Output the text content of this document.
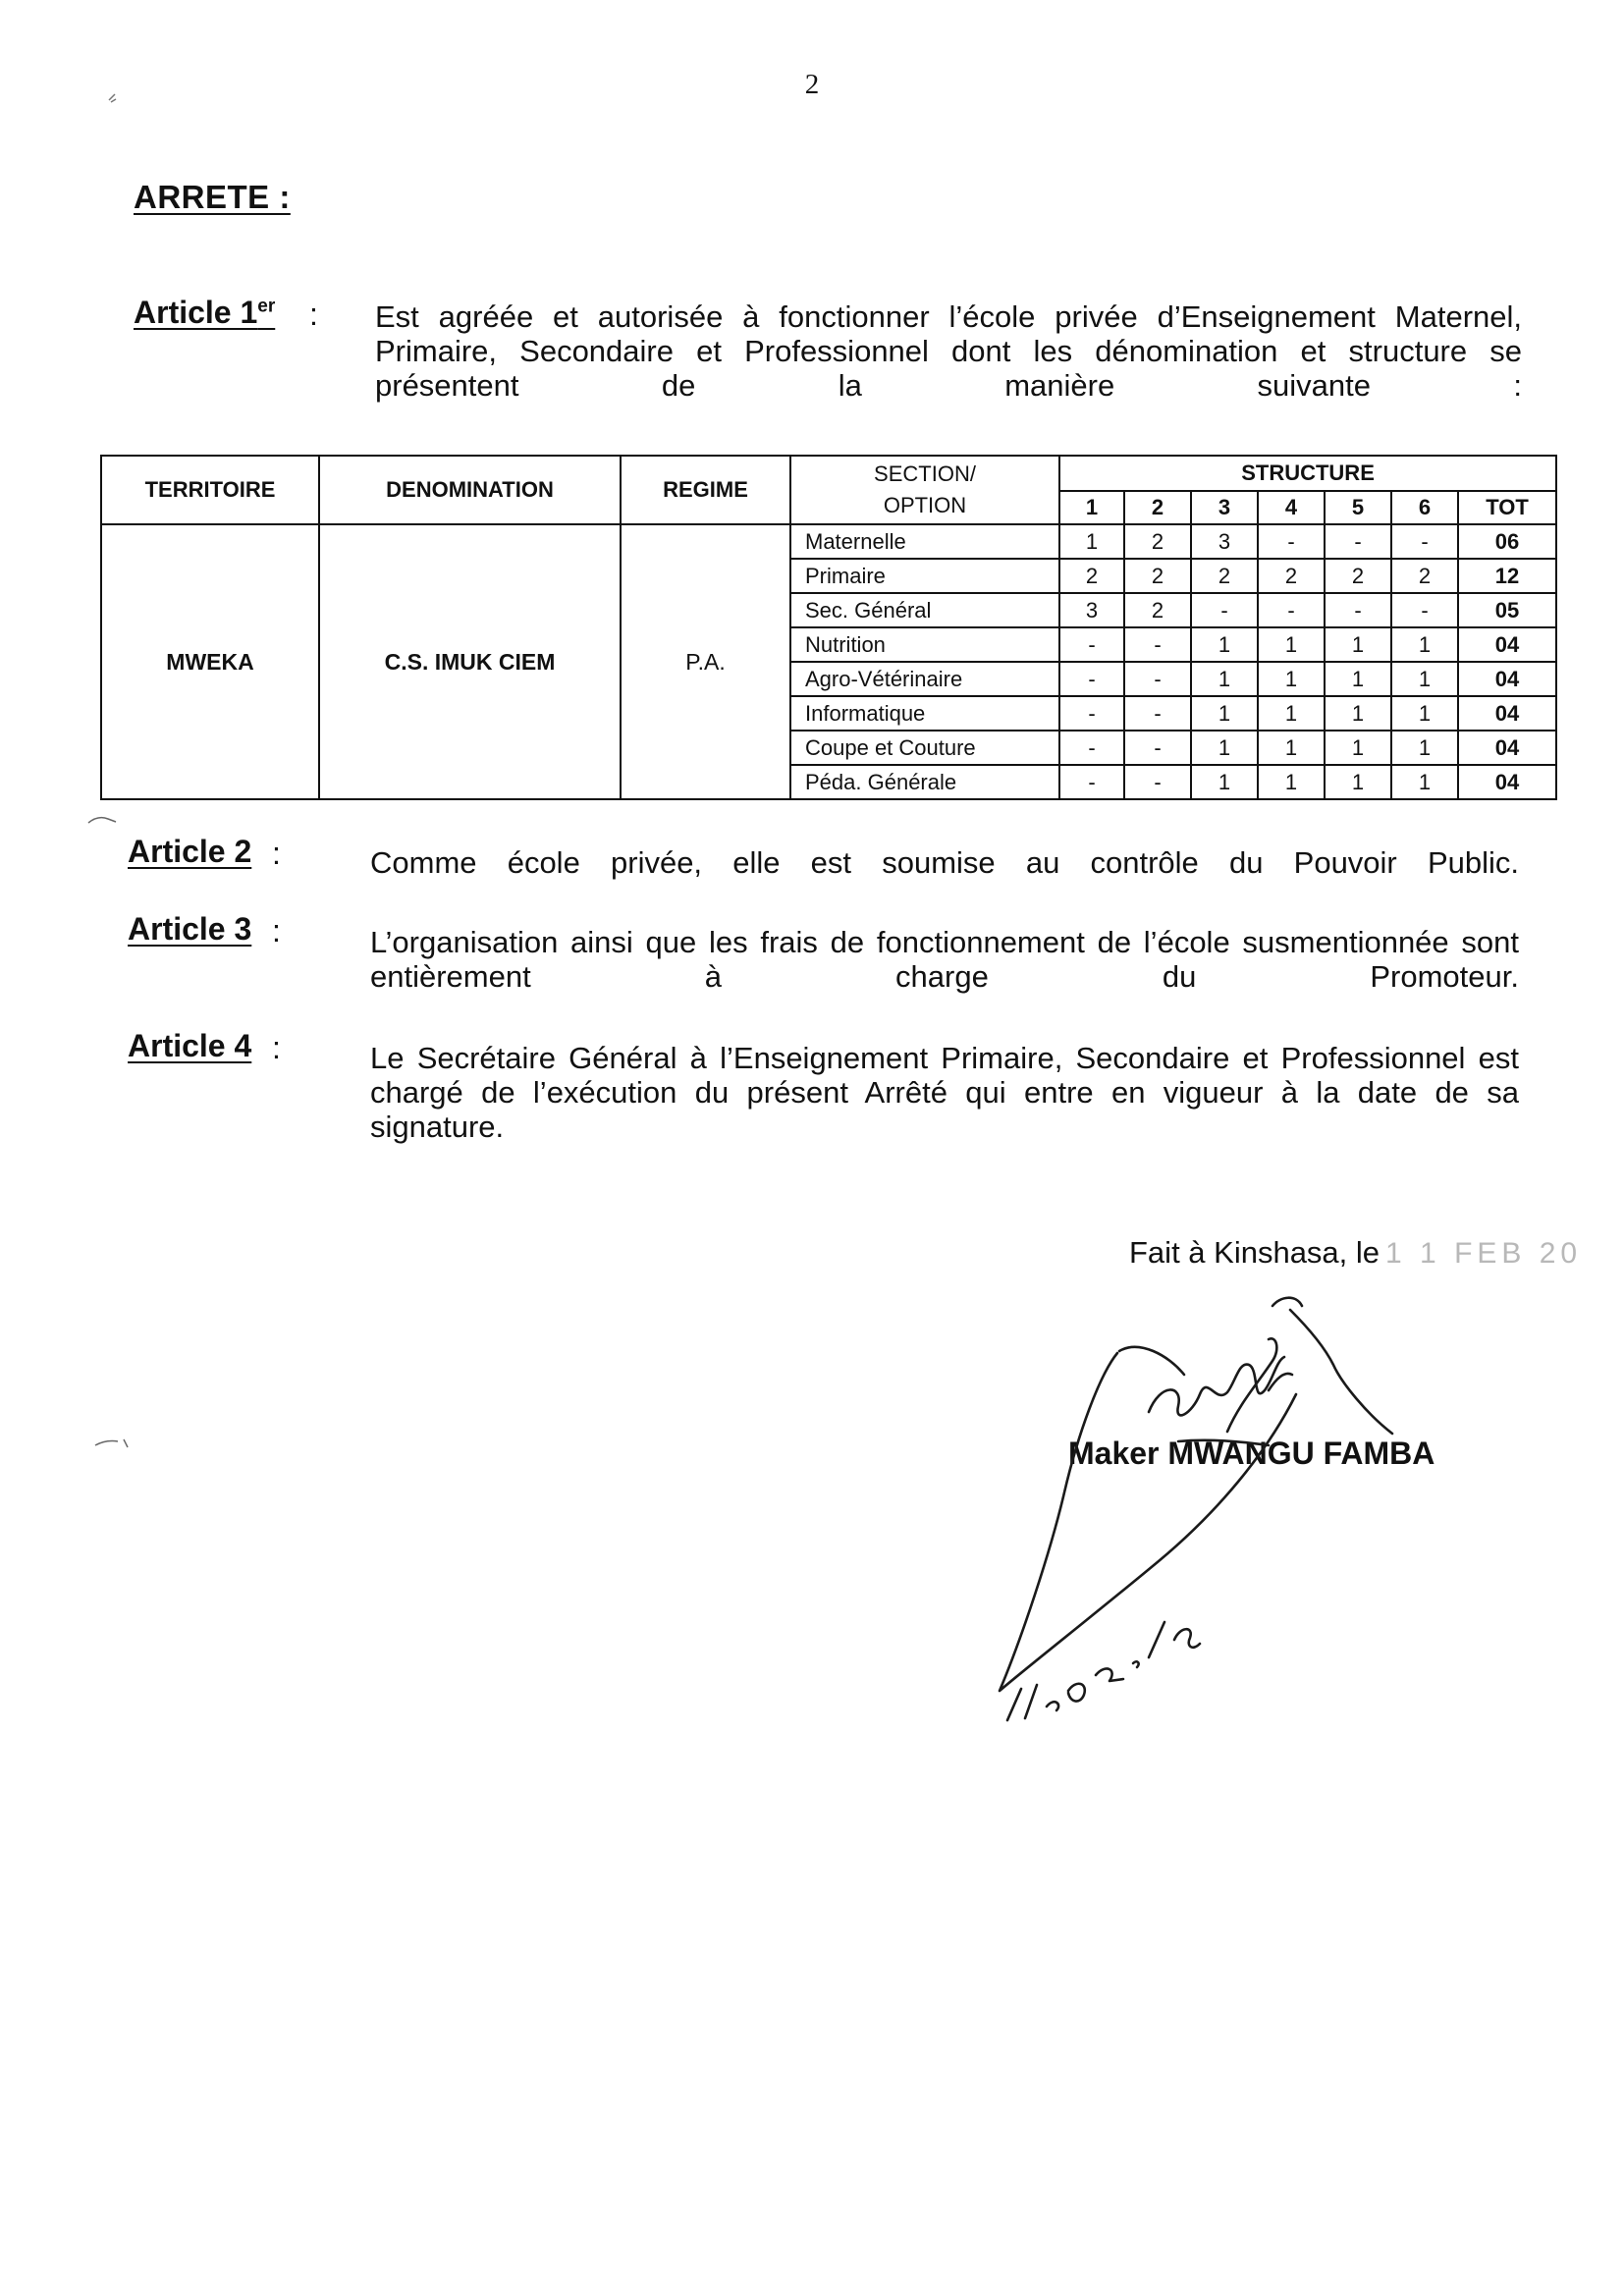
2
ARRETE :
Article 1er : Est agréée et autorisée à fonctionner l’école privée d’Enseignement Maternel, Primaire, Secondaire et Professionnel dont les dénomination et structure se présentent de la manière suivante :
TERRITOIRE	DENOMINATION	REGIME	SECTION/
OPTION	STRUCTURE						
				1	2	3	4	5	6	TOT
MWEKA	C.S. IMUK CIEM	P.A.	Maternelle	1	2	3	-	-	-	06
			Primaire	2	2	2	2	2	2	12
			Sec. Général	3	2	-	-	-	-	05
			Nutrition	-	-	1	1	1	1	04
			Agro-Vétérinaire	-	-	1	1	1	1	04
			Informatique	-	-	1	1	1	1	04
			Coupe et Couture	-	-	1	1	1	1	04
			Péda. Générale	-	-	1	1	1	1	04
Article 2 :	Comme école privée, elle est soumise au contrôle du Pouvoir Public.
Article 3 :	L’organisation ainsi que les frais de fonctionnement de l’école susmentionnée sont entièrement à charge du Promoteur.
Article 4 :	Le Secrétaire Général à l’Enseignement Primaire, Secondaire et Professionnel est chargé de l’exécution du présent Arrêté qui entre en vigueur à la date de sa signature.
Fait à Kinshasa, le 1 1 FEB 20
Maker MWANGU FAMBA
